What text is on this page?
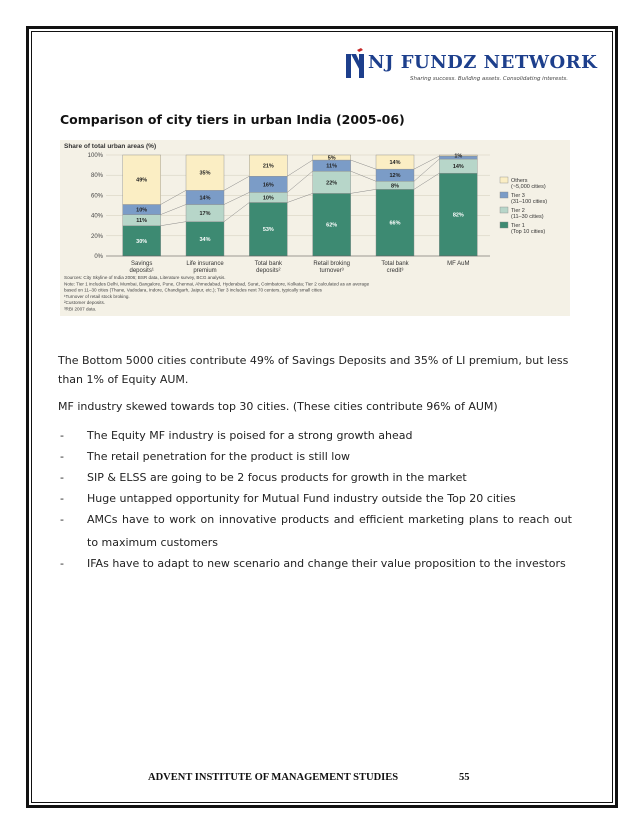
NJ FUNDZ NETWORK
Sharing success. Building assets. Consolidating interests.
Comparison of city tiers in urban India (2005-06)
Share of total urban areas (%)
0%
20%
40%
60%
80%
100%
30%
11%
10%
49%
Savings
deposits¹
34%
17%
14%
35%
Life insurance
premium
53%
10%
16%
21%
Total bank
deposits²
62%
22%
11%
5%
Retail broking
turnover³
66%
8%
12%
14%
Total bank
credit³
82%
14%
1%
MF AuM
Others
(~5,000 cities)
Tier 3
(31–100 cities)
Tier 2
(11–30 cities)
Tier 1
(Top 10 cities)
Sources: City Skyline of India 2006; BSR data, Literature survey, BCG analysis.
Note: Tier 1 includes Delhi, Mumbai, Bangalore, Pune, Chennai, Ahmedabad, Hyderabad, Surat, Coimbatore, Kolkata; Tier 2 calculated as an average
based on 11–30 cities (Thane, Vadodara, Indore, Chandigarh, Jaipur, etc.); Tier 3 includes next 70 centers, typically small cities
¹Turnover of retail stock broking.
²Customer deposits.
³RBI 2007 data.
The Bottom 5000 cities contribute 49% of Savings Deposits and 35% of LI premium, but less than 1% of Equity AUM.
MF industry skewed towards top 30 cities. (These cities contribute 96% of AUM)
- The Equity MF industry is poised for a strong growth ahead
- The retail penetration for the product is still low
- SIP & ELSS are going to be 2 focus products for growth in the market
- Huge untapped opportunity for Mutual Fund industry outside the Top 20 cities
- AMCs have to work on innovative products and efficient marketing plans to reach out to maximum customers
- IFAs have to adapt to new scenario and change their value proposition to the investors
ADVENT INSTITUTE OF MANAGEMENT STUDIES	55
